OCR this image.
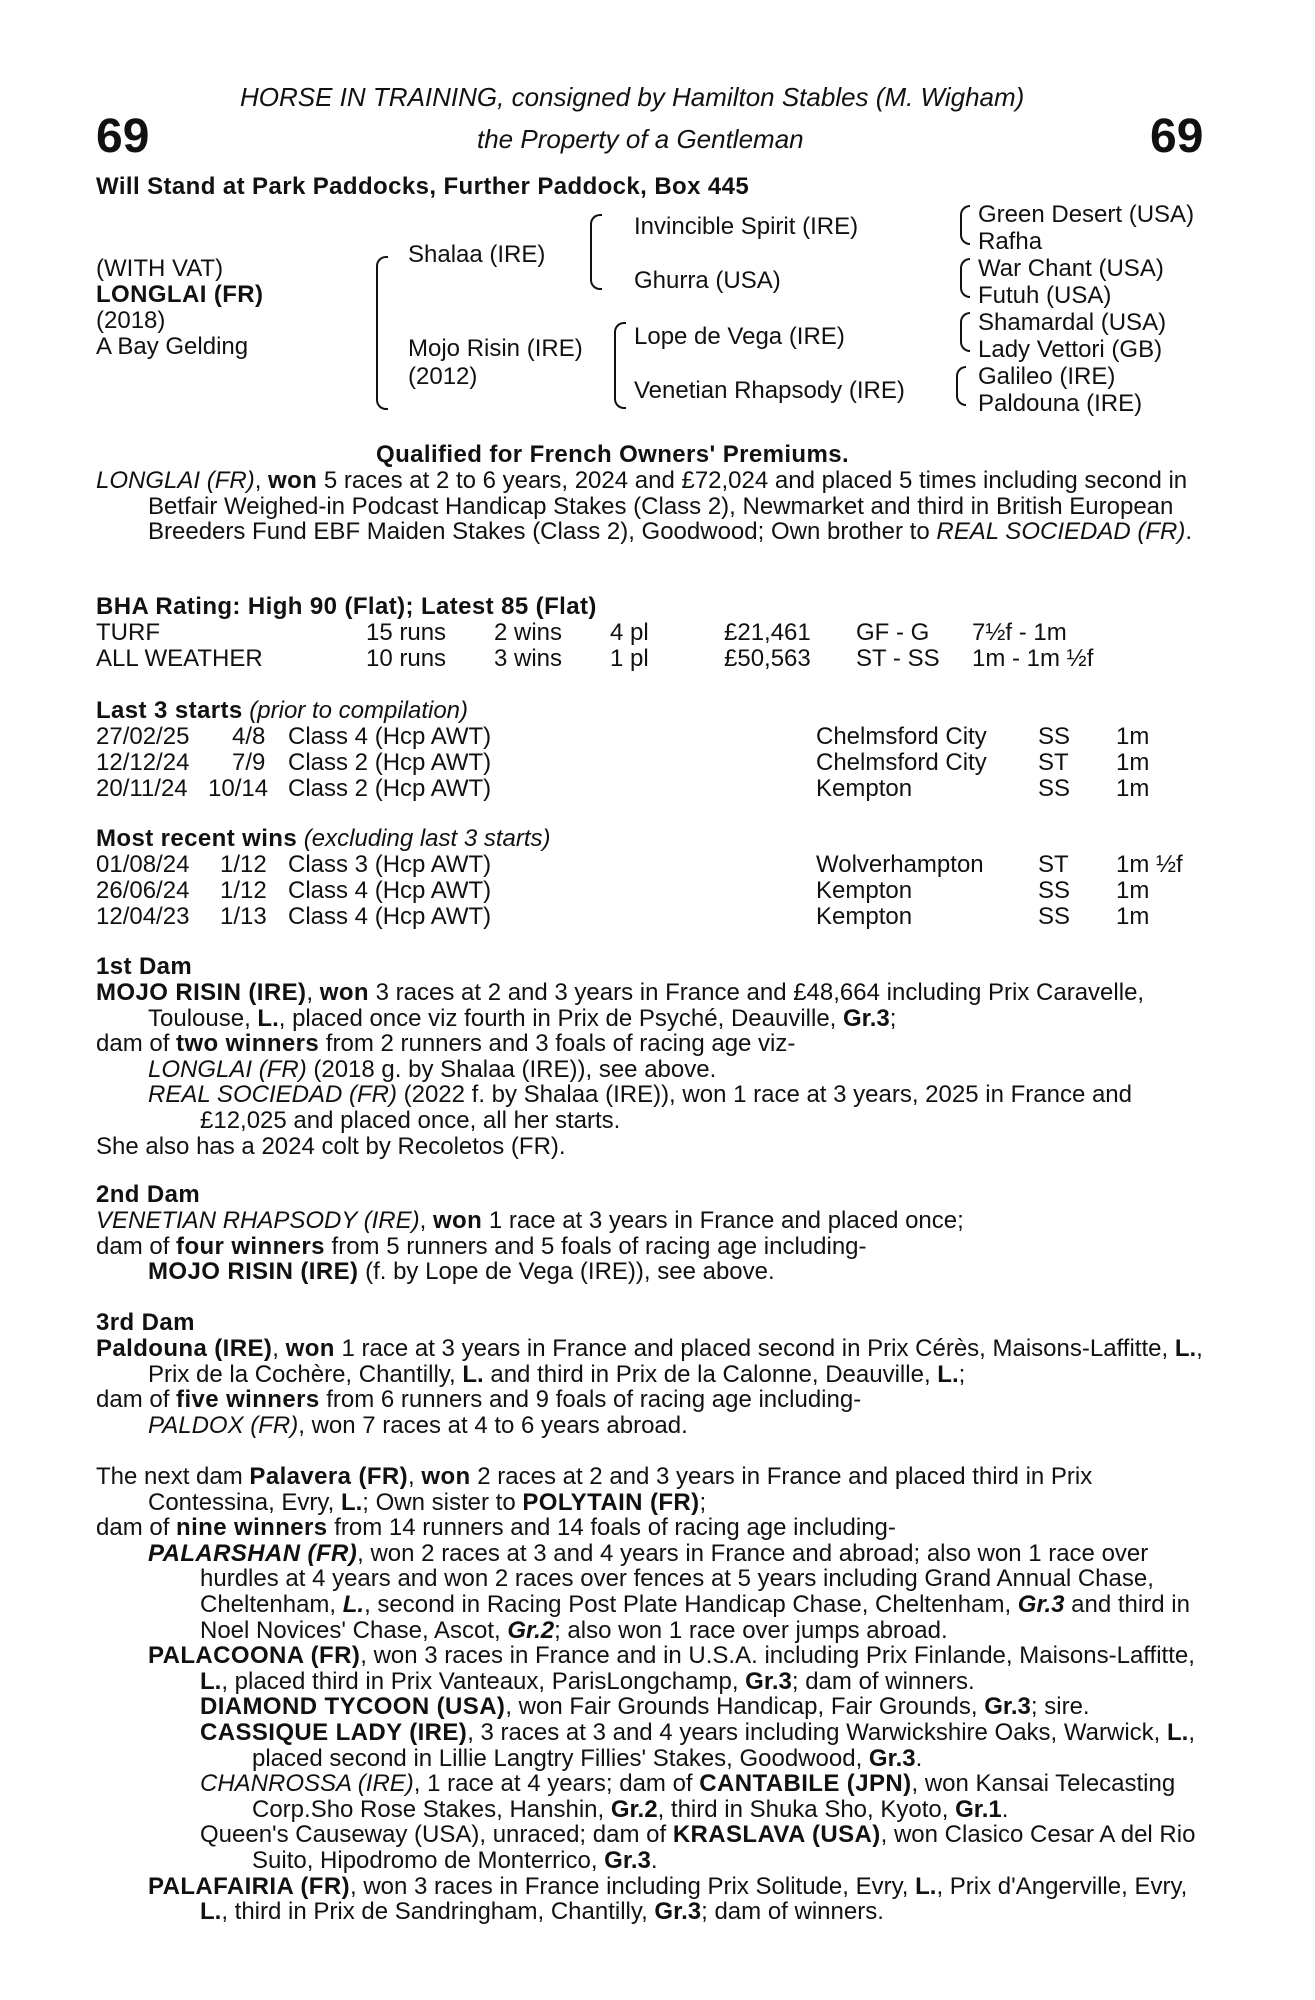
69	69
HORSE IN TRAINING, consigned by Hamilton Stables (M. Wigham)
the Property of a Gentleman
Will Stand at Park Paddocks, Further Paddock, Box 445
(WITH VAT)
LONGLAI (FR)
(2018)
A Bay Gelding
Shalaa (IRE)
Mojo Risin (IRE)
(2012)
Invincible Spirit (IRE)
Ghurra (USA)
Lope de Vega (IRE)
Venetian Rhapsody (IRE)
Green Desert (USA)
Rafha
War Chant (USA)
Futuh (USA)
Shamardal (USA)
Lady Vettori (GB)
Galileo (IRE)
Paldouna (IRE)
Qualified for French Owners' Premiums.
LONGLAI (FR), won 5 races at 2 to 6 years, 2024 and £72,024 and placed 5 times including second in Betfair Weighed-in Podcast Handicap Stakes (Class 2), Newmarket and third in British European Breeders Fund EBF Maiden Stakes (Class 2), Goodwood; Own brother to REAL SOCIEDAD (FR).
BHA Rating: High 90 (Flat); Latest 85 (Flat)
TURF	15 runs 2 wins 4 pl	£21,461 GF - G 7½f - 1m
ALL WEATHER	10 runs 3 wins 1 pl	£50,563 ST - SS 1m - 1m ½f
Last 3 starts (prior to compilation)
27/02/25 4/8 Class 4 (Hcp AWT)	Chelmsford City SS 1m
12/12/24 7/9 Class 2 (Hcp AWT)	Chelmsford City ST 1m
20/11/24 10/14 Class 2 (Hcp AWT)	Kempton	SS 1m
Most recent wins (excluding last 3 starts)
01/08/24 1/12 Class 3 (Hcp AWT)	Wolverhampton ST 1m ½f
26/06/24 1/12 Class 4 (Hcp AWT)	Kempton	SS 1m
12/04/23 1/13 Class 4 (Hcp AWT)	Kempton	SS 1m
1st Dam
MOJO RISIN (IRE), won 3 races at 2 and 3 years in France and £48,664 including Prix Caravelle, Toulouse, L., placed once viz fourth in Prix de Psyché, Deauville, Gr.3;
dam of two winners from 2 runners and 3 foals of racing age viz-
LONGLAI (FR) (2018 g. by Shalaa (IRE)), see above.
REAL SOCIEDAD (FR) (2022 f. by Shalaa (IRE)), won 1 race at 3 years, 2025 in France and £12,025 and placed once, all her starts.
She also has a 2024 colt by Recoletos (FR).
2nd Dam
VENETIAN RHAPSODY (IRE), won 1 race at 3 years in France and placed once;
dam of four winners from 5 runners and 5 foals of racing age including-
MOJO RISIN (IRE) (f. by Lope de Vega (IRE)), see above.
3rd Dam
Paldouna (IRE), won 1 race at 3 years in France and placed second in Prix Cérès, Maisons-Laffitte, L., Prix de la Cochère, Chantilly, L. and third in Prix de la Calonne, Deauville, L.;
dam of five winners from 6 runners and 9 foals of racing age including-
PALDOX (FR), won 7 races at 4 to 6 years abroad.
The next dam Palavera (FR), won 2 races at 2 and 3 years in France and placed third in Prix Contessina, Evry, L.; Own sister to POLYTAIN (FR);
dam of nine winners from 14 runners and 14 foals of racing age including-
PALARSHAN (FR), won 2 races at 3 and 4 years in France and abroad; also won 1 race over hurdles at 4 years and won 2 races over fences at 5 years including Grand Annual Chase, Cheltenham, L., second in Racing Post Plate Handicap Chase, Cheltenham, Gr.3 and third in Noel Novices' Chase, Ascot, Gr.2; also won 1 race over jumps abroad.
PALACOONA (FR), won 3 races in France and in U.S.A. including Prix Finlande, Maisons-Laffitte, L., placed third in Prix Vanteaux, ParisLongchamp, Gr.3; dam of winners.
DIAMOND TYCOON (USA), won Fair Grounds Handicap, Fair Grounds, Gr.3; sire.
CASSIQUE LADY (IRE), 3 races at 3 and 4 years including Warwickshire Oaks, Warwick, L., placed second in Lillie Langtry Fillies' Stakes, Goodwood, Gr.3.
CHANROSSA (IRE), 1 race at 4 years; dam of CANTABILE (JPN), won Kansai Telecasting Corp.Sho Rose Stakes, Hanshin, Gr.2, third in Shuka Sho, Kyoto, Gr.1.
Queen's Causeway (USA), unraced; dam of KRASLAVA (USA), won Clasico Cesar A del Rio Suito, Hipodromo de Monterrico, Gr.3.
PALAFAIRIA (FR), won 3 races in France including Prix Solitude, Evry, L., Prix d'Angerville, Evry, L., third in Prix de Sandringham, Chantilly, Gr.3; dam of winners.
